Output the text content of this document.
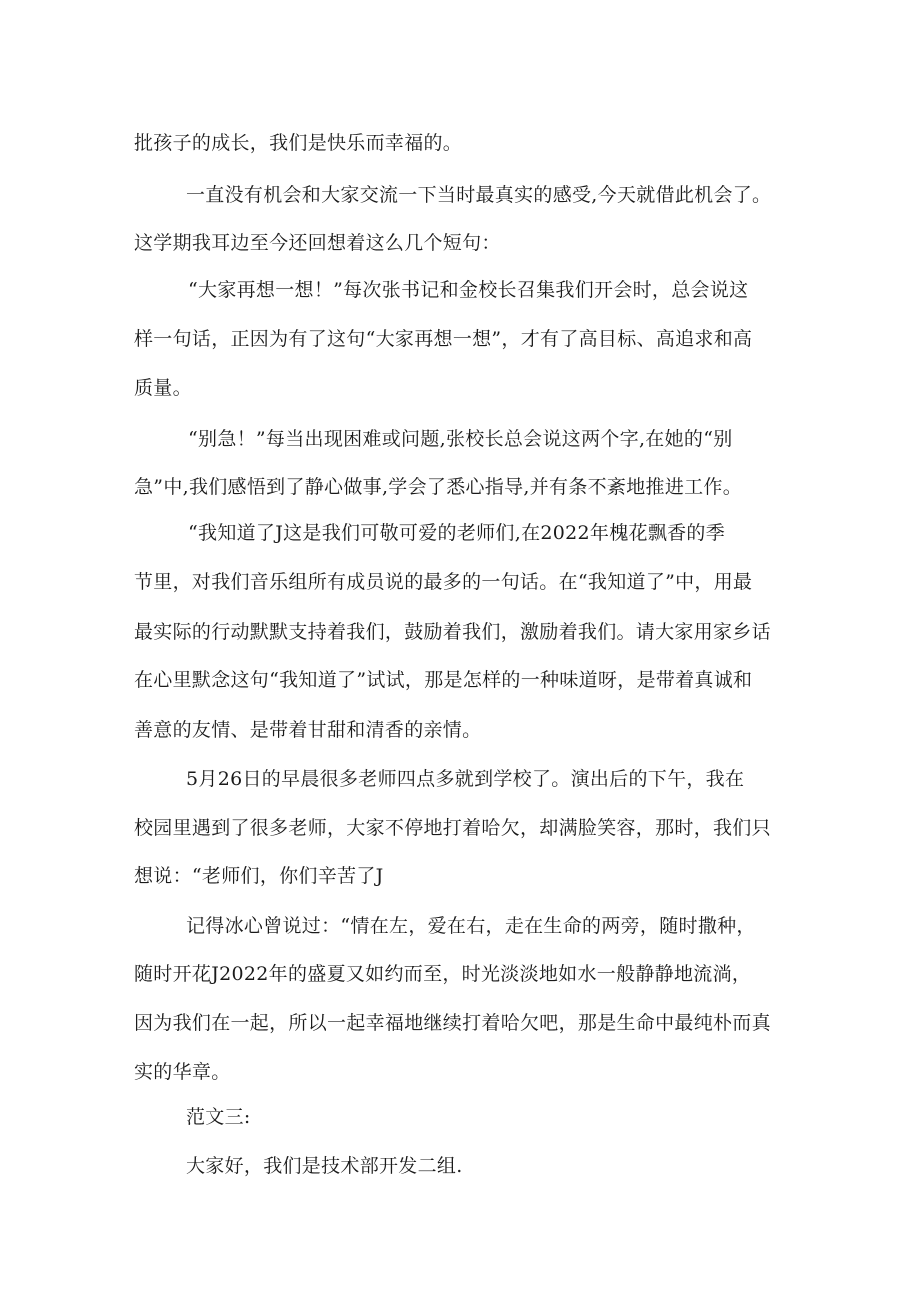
批孩子的成长，我们是快乐而幸福的。
一直没有机会和大家交流一下当时最真实的感受,今天就借此机会了。
这学期我耳边至今还回想着这么几个短句：
“大家再想一想！”每次张书记和金校长召集我们开会时，总会说这
样一句话，正因为有了这句“大家再想一想”，才有了高目标、高追求和高
质量。
“别急！”每当出现困难或问题,张校长总会说这两个字,在她的“别
急”中,我们感悟到了静心做事,学会了悉心指导,并有条不紊地推进工作。
“我知道了J这是我们可敬可爱的老师们,在2022年槐花飘香的季
节里，对我们音乐组所有成员说的最多的一句话。在“我知道了”中，用最
最实际的行动默默支持着我们，鼓励着我们，激励着我们。请大家用家乡话
在心里默念这句“我知道了”试试，那是怎样的一种味道呀，是带着真诚和
善意的友情、是带着甘甜和清香的亲情。
5月26日的早晨很多老师四点多就到学校了。演出后的下午，我在
校园里遇到了很多老师，大家不停地打着哈欠，却满脸笑容，那时，我们只
想说：“老师们，你们辛苦了J
记得冰心曾说过：“情在左，爱在右，走在生命的两旁，随时撒种，
随时开花J2022年的盛夏又如约而至，时光淡淡地如水一般静静地流淌，
因为我们在一起，所以一起幸福地继续打着哈欠吧，那是生命中最纯朴而真
实的华章。
范文三:
大家好，我们是技术部开发二组.
